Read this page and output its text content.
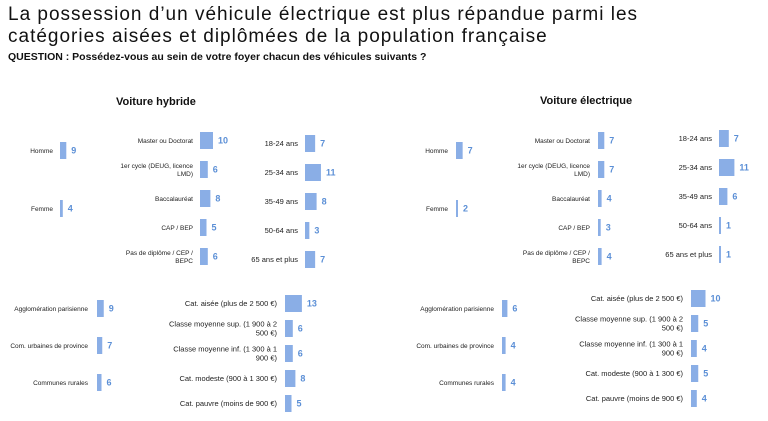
La possession d’un véhicule électrique est plus répandue parmi les
catégories aisées et diplômées de la population française
QUESTION : Possédez-vous au sein de votre foyer chacun des véhicules suivants ?
Voiture hybride	Voiture électrique
9
Homme
4
Femme
10
Master ou Doctorat
6
1er cycle (DEUG, licence LMD)
8
Baccalauréat
5
CAP / BEP
6
Pas de diplôme / CEP / BEPC
7
18-24 ans
11
25-34 ans
8
35-49 ans
3
50-64 ans
7
65 ans et plus
9
Agglomération parisienne
7
Com. urbaines de province
6
Communes rurales
13
Cat. aisée (plus de 2 500 €)
6
Classe moyenne sup. (1 900 à 2 500 €)
6
Classe moyenne inf. (1 300 à 1 900 €)
8
Cat. modeste (900 à 1 300 €)
5
Cat. pauvre (moins de 900 €)
7
Homme
2
Femme
7
Master ou Doctorat
7
1er cycle (DEUG, licence LMD)
4
Baccalauréat
3
CAP / BEP
4
Pas de diplôme / CEP / BEPC
7
18-24 ans
11
25-34 ans
6
35-49 ans
1
50-64 ans
1
65 ans et plus
6
Agglomération parisienne
4
Com. urbaines de province
4
Communes rurales
10
Cat. aisée (plus de 2 500 €)
5
Classe moyenne sup. (1 900 à 2 500 €)
4
Classe moyenne inf. (1 300 à 1 900 €)
5
Cat. modeste (900 à 1 300 €)
4
Cat. pauvre (moins de 900 €)
